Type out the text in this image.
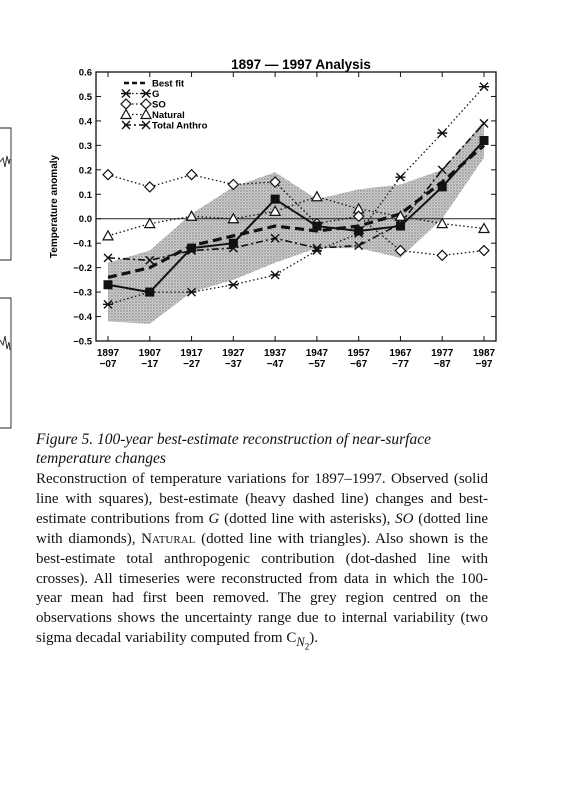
1897 — 1997 Analysis
0.6
0.5
0.4
0.3
0.2
0.1
0.0
−0.1
−0.2
−0.3
−0.4
−0.5
Temperature anomaly
1897
−07
1907
−17
1917
−27
1927
−37
1937
−47
1947
−57
1957
−67
1967
−77
1977
−87
1987
−97
Best fit
G
SO
Natural
Total Anthro

Figure 5. 100-year best-estimate reconstruction of near-surface temperature changes

Reconstruction of temperature variations for 1897–1997. Observed (solid line with squares), best-estimate (heavy dashed line) changes and best-estimate contributions from G (dotted line with asterisks), SO (dotted line with diamonds), Natural (dotted line with triangles). Also shown is the best-estimate total anthropogenic contribution (dot-dashed line with crosses). All timeseries were reconstructed from data in which the 100-year mean had first been removed. The grey region centred on the observations shows the uncertainty range due to internal variability (two sigma decadal variability computed from $C_{N_2}$).
